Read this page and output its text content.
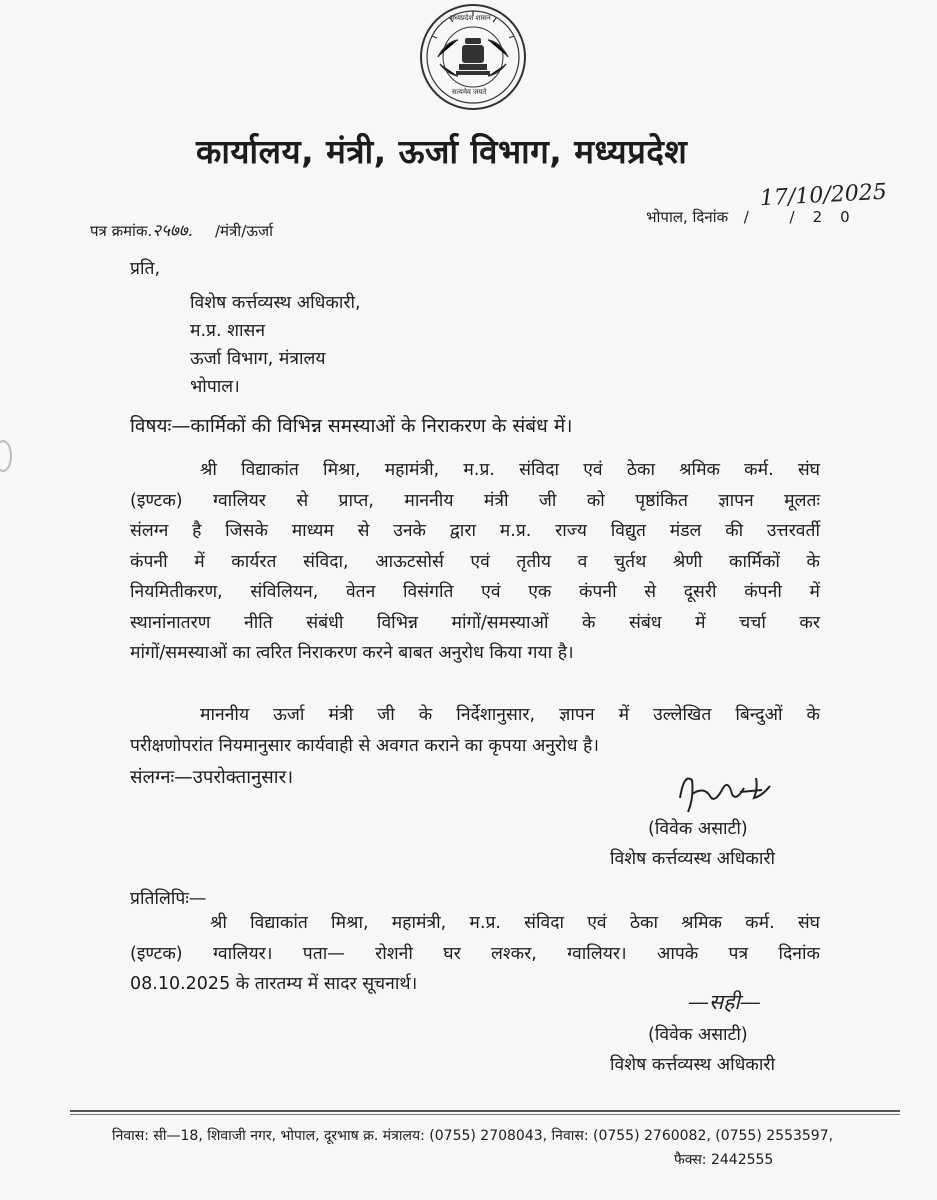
कार्यालय, मंत्री, ऊर्जा विभाग, मध्यप्रदेश
पत्र क्रमांक.२५७७. /मंत्री/ऊर्जा
भोपाल, दिनांक / /20
17/10/2025
प्रति,
विशेष कर्त्तव्यस्थ अधिकारी,
म.प्र. शासन
ऊर्जा विभाग, मंत्रालय
भोपाल।
विषयः—कार्मिकों की विभिन्न समस्याओं के निराकरण के संबंध में।
श्री विद्याकांत मिश्रा, महामंत्री, म.प्र. संविदा एवं ठेका श्रमिक कर्म. संघ
(इण्टक) ग्वालियर से प्राप्त, माननीय मंत्री जी को पृष्ठांकित ज्ञापन मूलतः
संलग्न है जिसके माध्यम से उनके द्वारा म.प्र. राज्य विद्युत मंडल की उत्तरवर्ती
कंपनी में कार्यरत संविदा, आऊटसोर्स एवं तृतीय व चुर्तथ श्रेणी कार्मिकों के
नियमितीकरण, संविलियन, वेतन विसंगति एवं एक कंपनी से दूसरी कंपनी में
स्थानांनातरण नीति संबंधी विभिन्न मांगों/समस्याओं के संबंध में चर्चा कर
मांगों/समस्याओं का त्वरित निराकरण करने बाबत अनुरोध किया गया है।
माननीय ऊर्जा मंत्री जी के निर्देशानुसार, ज्ञापन में उल्लेखित बिन्दुओं के
परीक्षणोपरांत नियमानुसार कार्यवाही से अवगत कराने का कृपया अनुरोध है।
संलग्नः—उपरोक्तानुसार।
(विवेक असाटी)
विशेष कर्त्तव्यस्थ अधिकारी
प्रतिलिपिः—
श्री विद्याकांत मिश्रा, महामंत्री, म.प्र. संविदा एवं ठेका श्रमिक कर्म. संघ
(इण्टक) ग्वालियर। पता— रोशनी घर लश्कर, ग्वालियर। आपके पत्र दिनांक
08.10.2025 के तारतम्य में सादर सूचनार्थ।
—सही—
(विवेक असाटी)
विशेष कर्त्तव्यस्थ अधिकारी
निवास: सी—18, शिवाजी नगर, भोपाल, दूरभाष क्र. मंत्रालय: (0755) 2708043, निवास: (0755) 2760082, (0755) 2553597,
फैक्स: 2442555
मध्यप्रदेश शासन
सत्यमेव जयते
